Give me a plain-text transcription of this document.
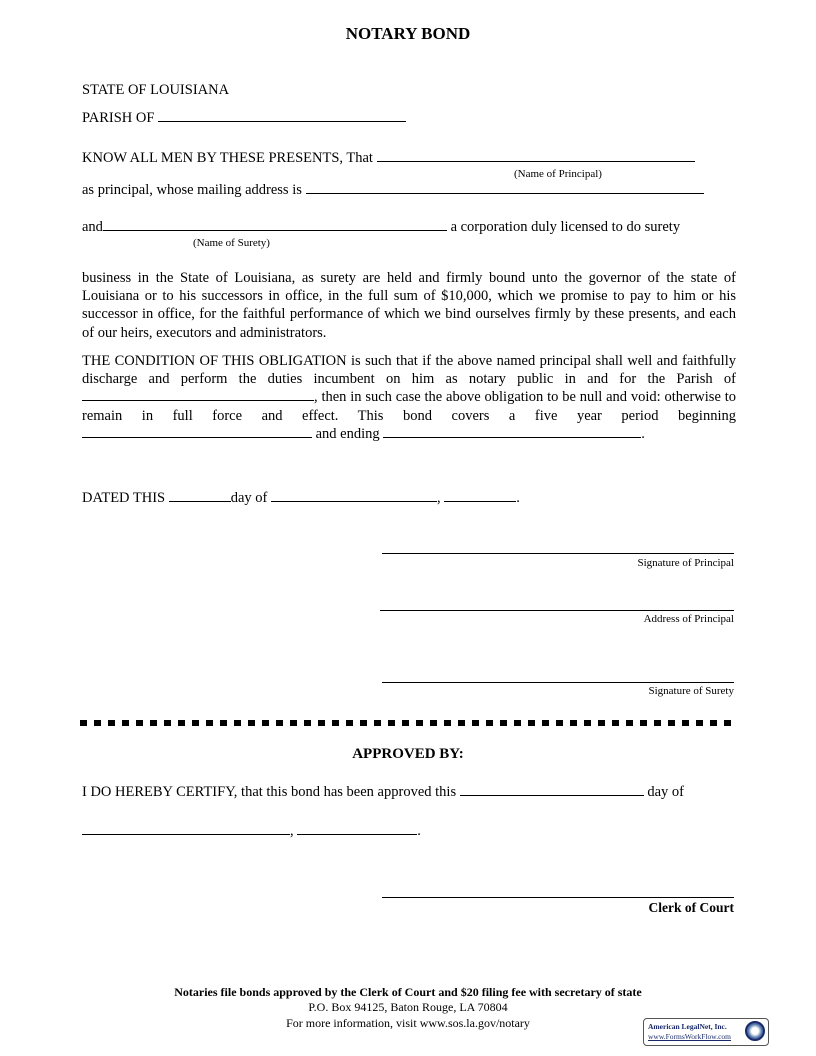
NOTARY BOND
STATE OF LOUISIANA
PARISH OF
KNOW ALL MEN BY THESE PRESENTS, That
(Name of Principal)
as principal, whose mailing address is
and	a corporation duly licensed to do surety
(Name of Surety)
business in the State of Louisiana, as surety are held and firmly bound unto the governor of the state of Louisiana or to his successors in office, in the full sum of $10,000, which we promise to pay to him or his successor in office, for the faithful performance of which we bind ourselves firmly by these presents, and each of our heirs, executors and administrators.
THE CONDITION OF THIS OBLIGATION is such that if the above named principal shall well and faithfully discharge and perform the duties incumbent on him as notary public in and for the Parish of , then in such case the above obligation to be null and void: otherwise to remain in full force and effect. This bond covers a five year period beginning  and ending	.
DATED THIS	day of	,	.
Signature of Principal
Address of Principal
Signature of Surety
APPROVED BY:
I DO HEREBY CERTIFY, that this bond has been approved this	day of
,	.
Clerk of Court
Notaries file bonds approved by the Clerk of Court and $20 filing fee with secretary of state
P.O. Box 94125, Baton Rouge, LA 70804
For more information, visit www.sos.la.gov/notary	American LegalNet, Inc.
www.FormsWorkFlow.com
